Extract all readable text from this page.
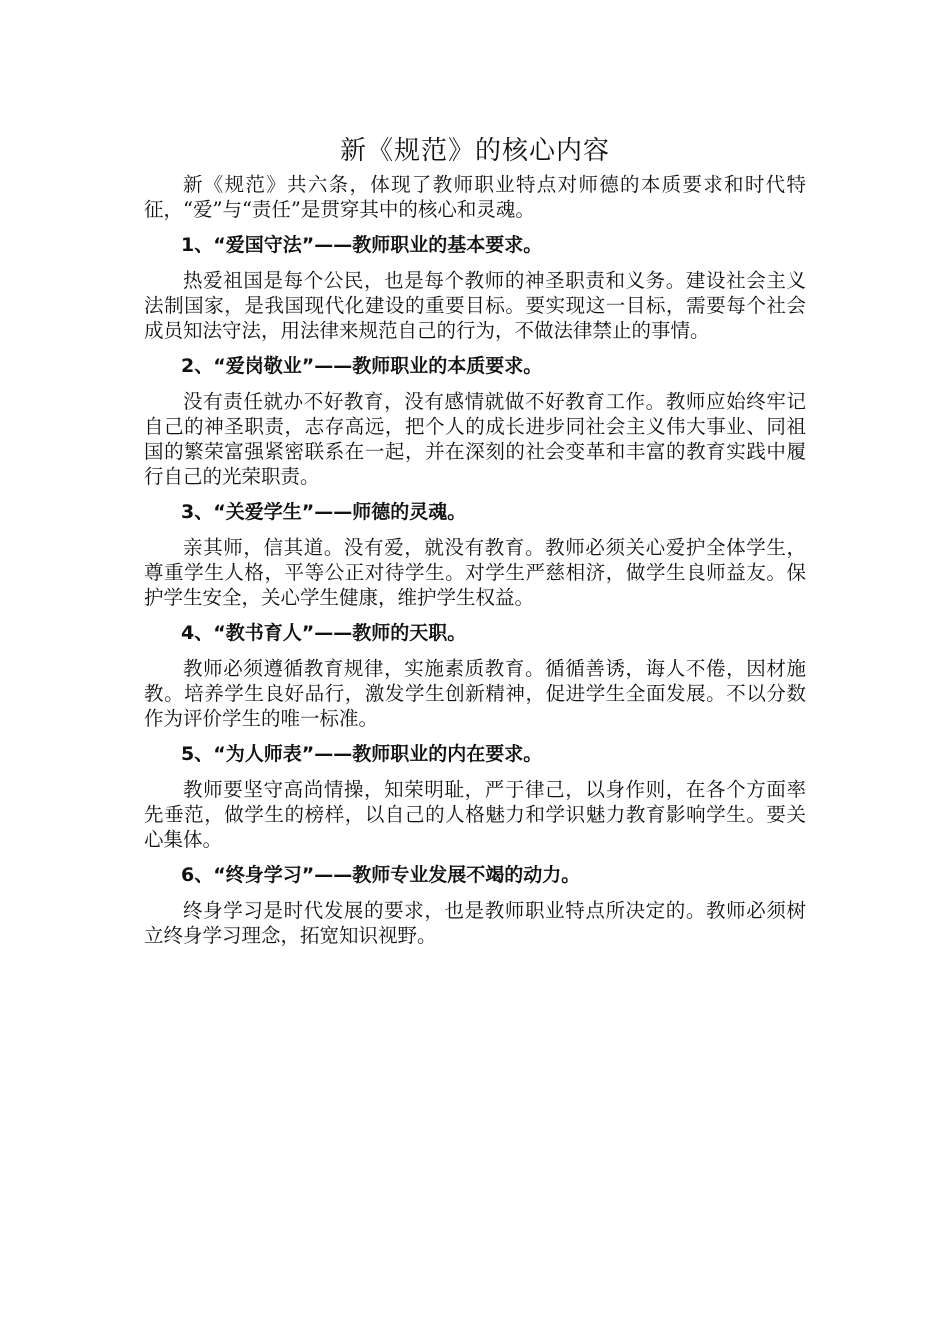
新《规范》的核心内容

新《规范》共六条，体现了教师职业特点对师德的本质要求和时代特征，“爱”与“责任”是贯穿其中的核心和灵魂。

1、“爱国守法”——教师职业的基本要求。

热爱祖国是每个公民，也是每个教师的神圣职责和义务。建设社会主义法制国家，是我国现代化建设的重要目标。要实现这一目标，需要每个社会成员知法守法，用法律来规范自己的行为，不做法律禁止的事情。

2、“爱岗敬业”——教师职业的本质要求。

没有责任就办不好教育，没有感情就做不好教育工作。教师应始终牢记自己的神圣职责，志存高远，把个人的成长进步同社会主义伟大事业、同祖国的繁荣富强紧密联系在一起，并在深刻的社会变革和丰富的教育实践中履行自己的光荣职责。

3、“关爱学生”——师德的灵魂。

亲其师，信其道。没有爱，就没有教育。教师必须关心爱护全体学生，尊重学生人格，平等公正对待学生。对学生严慈相济，做学生良师益友。保护学生安全，关心学生健康，维护学生权益。

4、“教书育人”——教师的天职。

教师必须遵循教育规律，实施素质教育。循循善诱，诲人不倦，因材施教。培养学生良好品行，激发学生创新精神，促进学生全面发展。不以分数作为评价学生的唯一标准。

5、“为人师表”——教师职业的内在要求。

教师要坚守高尚情操，知荣明耻，严于律己，以身作则，在各个方面率先垂范，做学生的榜样，以自己的人格魅力和学识魅力教育影响学生。要关心集体。

6、“终身学习”——教师专业发展不竭的动力。

终身学习是时代发展的要求，也是教师职业特点所决定的。教师必须树立终身学习理念，拓宽知识视野。
